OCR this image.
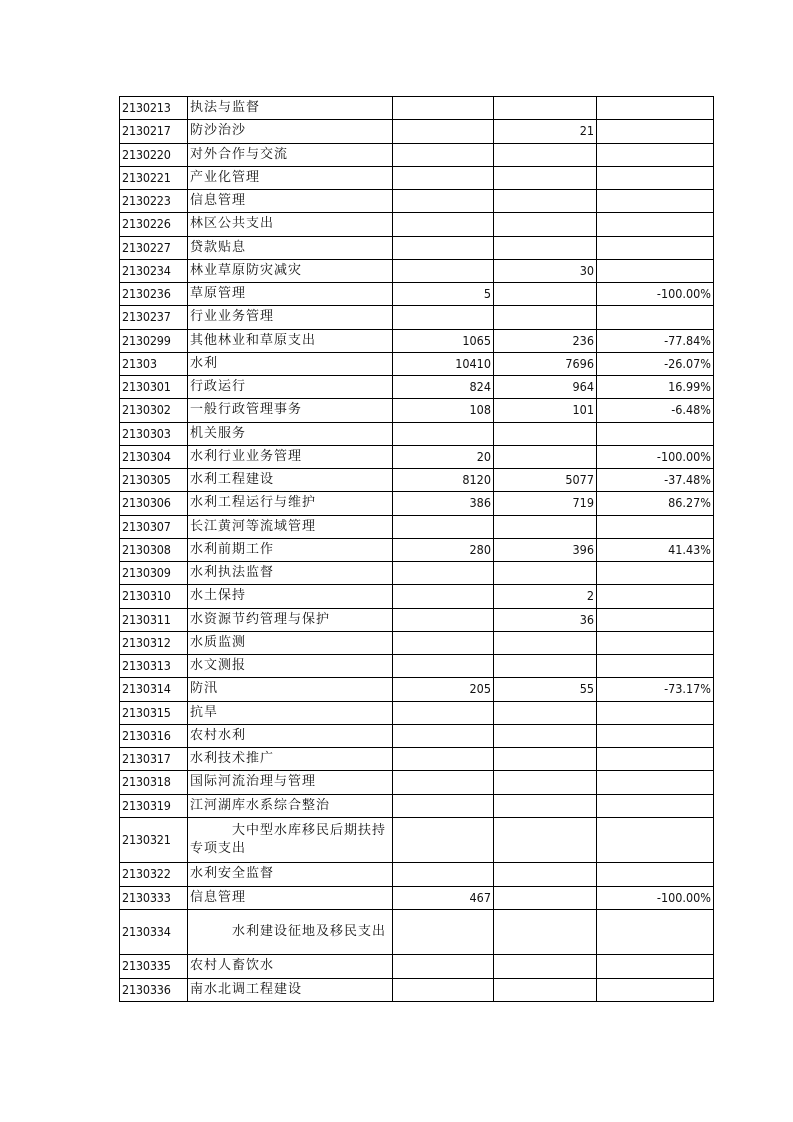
2130213	执法与监督			
2130217	防沙治沙		21	
2130220	对外合作与交流			
2130221	产业化管理			
2130223	信息管理			
2130226	林区公共支出			
2130227	贷款贴息			
2130234	林业草原防灾减灾		30	
2130236	草原管理	5		-100.00%
2130237	行业业务管理			
2130299	其他林业和草原支出	1065	236	-77.84%
21303	水利	10410	7696	-26.07%
2130301	行政运行	824	964	16.99%
2130302	一般行政管理事务	108	101	-6.48%
2130303	机关服务			
2130304	水利行业业务管理	20		-100.00%
2130305	水利工程建设	8120	5077	-37.48%
2130306	水利工程运行与维护	386	719	86.27%
2130307	长江黄河等流域管理			
2130308	水利前期工作	280	396	41.43%
2130309	水利执法监督			
2130310	水土保持		2	
2130311	水资源节约管理与保护		36	
2130312	水质监测			
2130313	水文测报			
2130314	防汛	205	55	-73.17%
2130315	抗旱			
2130316	农村水利			
2130317	水利技术推广			
2130318	国际河流治理与管理			
2130319	江河湖库水系综合整治			
2130321	大中型水库移民后期扶持专项支出			
2130322	水利安全监督			
2130333	信息管理	467		-100.00%
2130334	水利建设征地及移民支出			
2130335	农村人畜饮水			
2130336	南水北调工程建设			
